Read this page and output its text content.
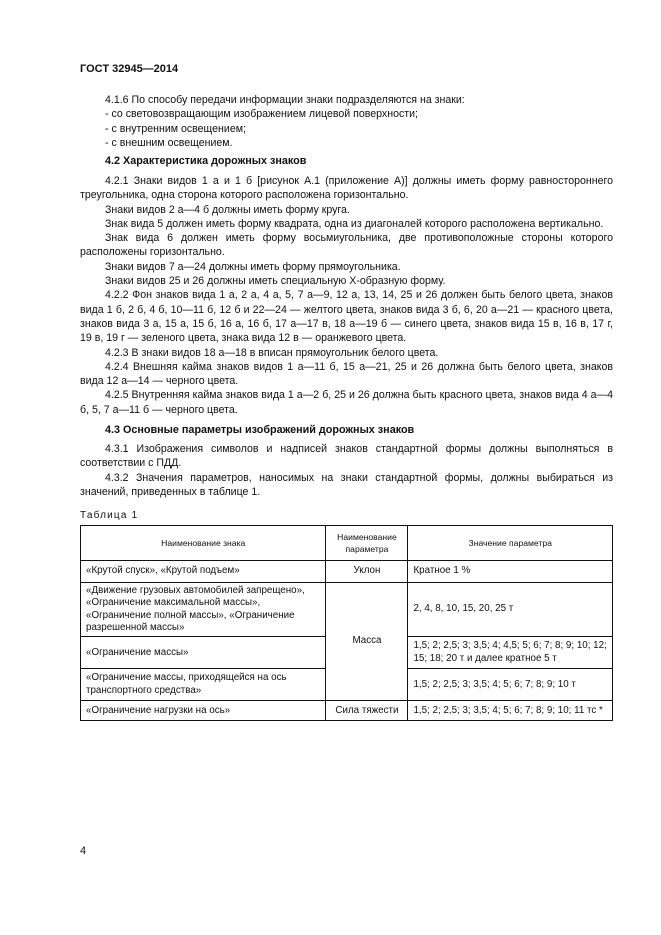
ГОСТ 32945—2014

4.1.6 По способу передачи информации знаки подразделяются на знаки:

- со световозвращающим изображением лицевой поверхности;

- с внутренним освещением;

- с внешним освещением.

4.2 Характеристика дорожных знаков

4.2.1 Знаки видов 1 а и 1 б [рисунок А.1 (приложение А)] должны иметь форму равностороннего треугольника, одна сторона которого расположена горизонтально.

Знаки видов 2 а—4 б должны иметь форму круга.

Знак вида 5 должен иметь форму квадрата, одна из диагоналей которого расположена вертикально.

Знак вида 6 должен иметь форму восьмиугольника, две противоположные стороны которого расположены горизонтально.

Знаки видов 7 а—24 должны иметь форму прямоугольника.

Знаки видов 25 и 26 должны иметь специальную Х-образную форму.

4.2.2 Фон знаков вида 1 а, 2 а, 4 а, 5, 7 а—9, 12 а, 13, 14, 25 и 26 должен быть белого цвета, знаков вида 1 б, 2 б, 4 б, 10—11 б, 12 б и 22—24 — желтого цвета, знаков вида 3 б, 6, 20 а—21 — красного цвета, знаков вида 3 а, 15 а, 15 б, 16 а, 16 б, 17 а—17 в, 18 а—19 б — синего цвета, знаков вида 15 в, 16 в, 17 г, 19 в, 19 г — зеленого цвета, знака вида 12 в — оранжевого цвета.

4.2.3 В знаки видов 18 а—18 в вписан прямоугольник белого цвета.

4.2.4 Внешняя кайма знаков видов 1 а—11 б, 15 а—21, 25 и 26 должна быть белого цвета, знаков вида 12 а—14 — черного цвета.

4.2.5 Внутренняя кайма знаков вида 1 а—2 б, 25 и 26 должна быть красного цвета, знаков вида 4 а—4 б, 5, 7 а—11 б — черного цвета.

4.3 Основные параметры изображений дорожных знаков

4.3.1 Изображения символов и надписей знаков стандартной формы должны выполняться в соответствии с ПДД.

4.3.2 Значения параметров, наносимых на знаки стандартной формы, должны выбираться из значений, приведенных в таблице 1.

Таблица 1
Наименование знака	Наименование параметра	Значение параметра
«Крутой спуск», «Крутой подъем»	Уклон	Кратное 1 %
«Движение грузовых автомобилей запрещено», «Ограничение максимальной массы», «Ограничение полной массы», «Ограничение разрешенной массы»	Масса	2, 4, 8, 10, 15, 20, 25 т
«Ограничение массы»		1,5; 2; 2,5; 3; 3,5; 4; 4,5; 5; 6; 7; 8; 9; 10; 12; 15; 18; 20 т и далее кратное 5 т
«Ограничение массы, приходящейся на ось транспортного средства»		1,5; 2; 2,5; 3; 3,5; 4; 5; 6; 7; 8; 9; 10 т
«Ограничение нагрузки на ось»	Сила тяжести	1,5; 2; 2,5; 3; 3,5; 4; 5; 6; 7; 8; 9; 10; 11 тс *
4
